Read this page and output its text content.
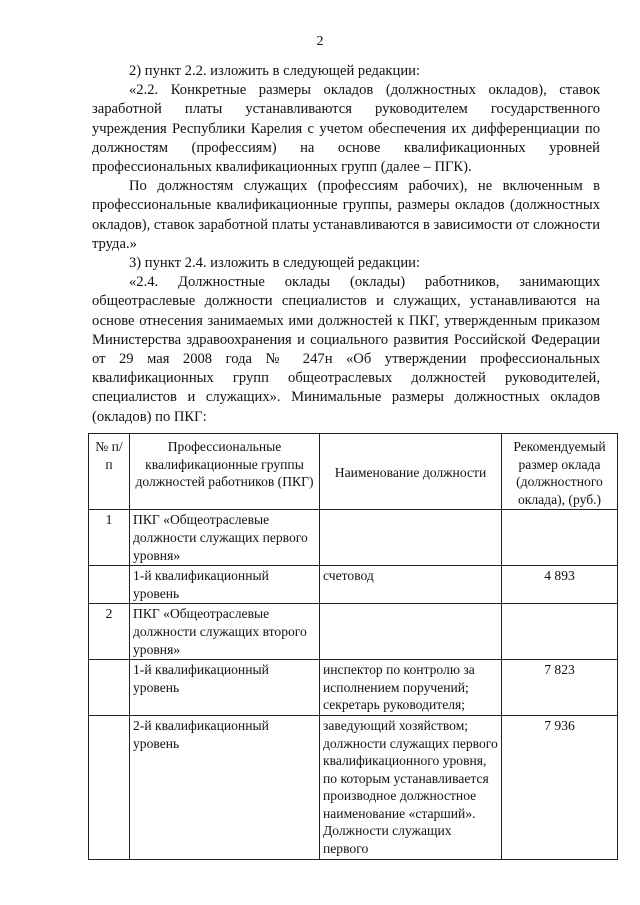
2

2) пункт 2.2. изложить в следующей редакции:

«2.2. Конкретные размеры окладов (должностных окладов), ставок заработной платы устанавливаются руководителем государственного учреждения Республики Карелия с учетом обеспечения их дифференциации по должностям (профессиям) на основе квалификационных уровней профессиональных квалификационных групп (далее – ПГК).

По должностям служащих (профессиям рабочих), не включенным в профессиональные квалификационные группы, размеры окладов (должностных окладов), ставок заработной платы устанавливаются в зависимости от сложности труда.»

3) пункт 2.4. изложить в следующей редакции:

«2.4. Должностные оклады (оклады) работников, занимающих общеотраслевые должности специалистов и служащих, устанавливаются на основе отнесения занимаемых ими должностей к ПКГ, утвержденным приказом Министерства здравоохранения и социального развития Российской Федерации от 29 мая 2008 года № 247н «Об утверждении профессиональных квалификационных групп общеотраслевых должностей руководителей, специалистов и служащих». Минимальные размеры должностных окладов (окладов) по ПКГ:

№ п/п	Профессиональные квалификационные группы должностей работников (ПКГ)	Наименование должности	Рекомендуемый размер оклада (должностного оклада), (руб.)
1	ПКГ «Общеотраслевые должности служащих первого уровня»		
	1-й квалификационный уровень	счетовод	4 893
2	ПКГ «Общеотраслевые должности служащих второго уровня»		
	1-й квалификационный уровень	инспектор по контролю за исполнением поручений; секретарь руководителя;	7 823
	2-й квалификационный уровень	заведующий хозяйством; должности служащих первого квалификационного уровня, по которым устанавливается производное должностное наименование «старший». Должности служащих первого	7 936
